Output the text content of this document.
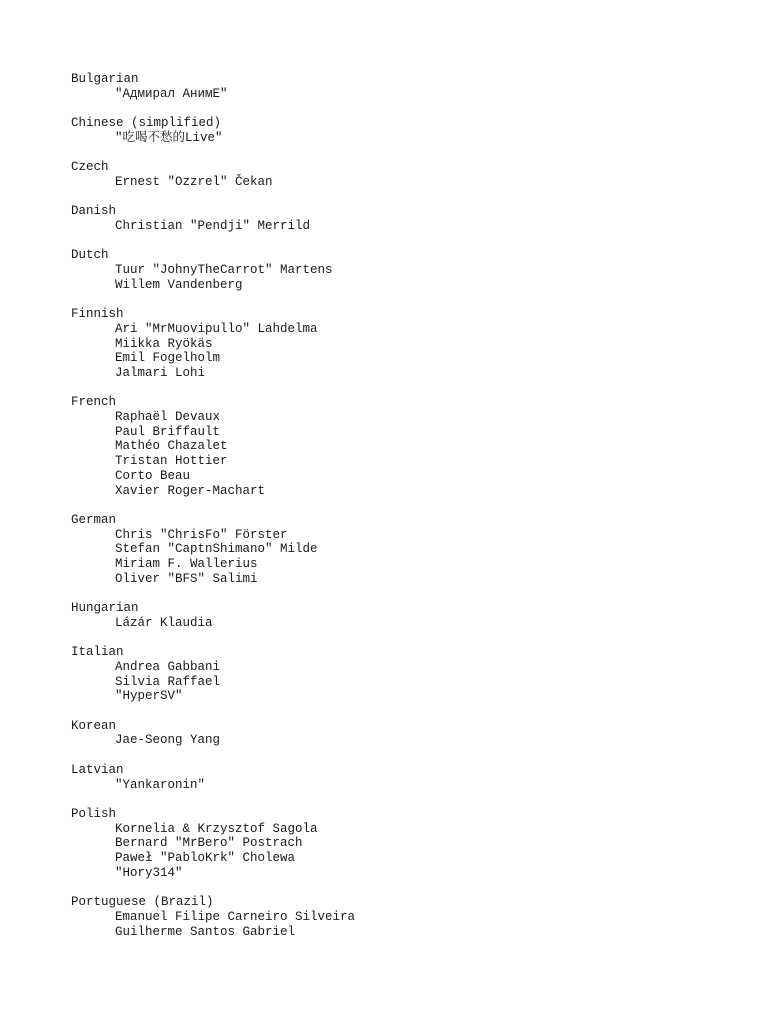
Bulgarian
"Адмирал АнимЕ"
Chinese (simplified)
"吃喝不愁的Live"
Czech
Ernest "Ozzrel" Čekan
Danish
Christian "Pendji" Merrild
Dutch
Tuur "JohnyTheCarrot" Martens
Willem Vandenberg
Finnish
Ari "MrMuovipullo" Lahdelma
Miikka Ryökäs
Emil Fogelholm
Jalmari Lohi
French
Raphaël Devaux
Paul Briffault
Mathéo Chazalet
Tristan Hottier
Corto Beau
Xavier Roger-Machart
German
Chris "ChrisFo" Förster
Stefan "CaptnShimano" Milde
Miriam F. Wallerius
Oliver "BFS" Salimi
Hungarian
Lázár Klaudia
Italian
Andrea Gabbani
Silvia Raffael
"HyperSV"
Korean
Jae-Seong Yang
Latvian
"Yankaronin"
Polish
Kornelia & Krzysztof Sagola
Bernard "MrBero" Postrach
Paweł "PabloKrk" Cholewa
"Hory314"
Portuguese (Brazil)
Emanuel Filipe Carneiro Silveira
Guilherme Santos Gabriel
